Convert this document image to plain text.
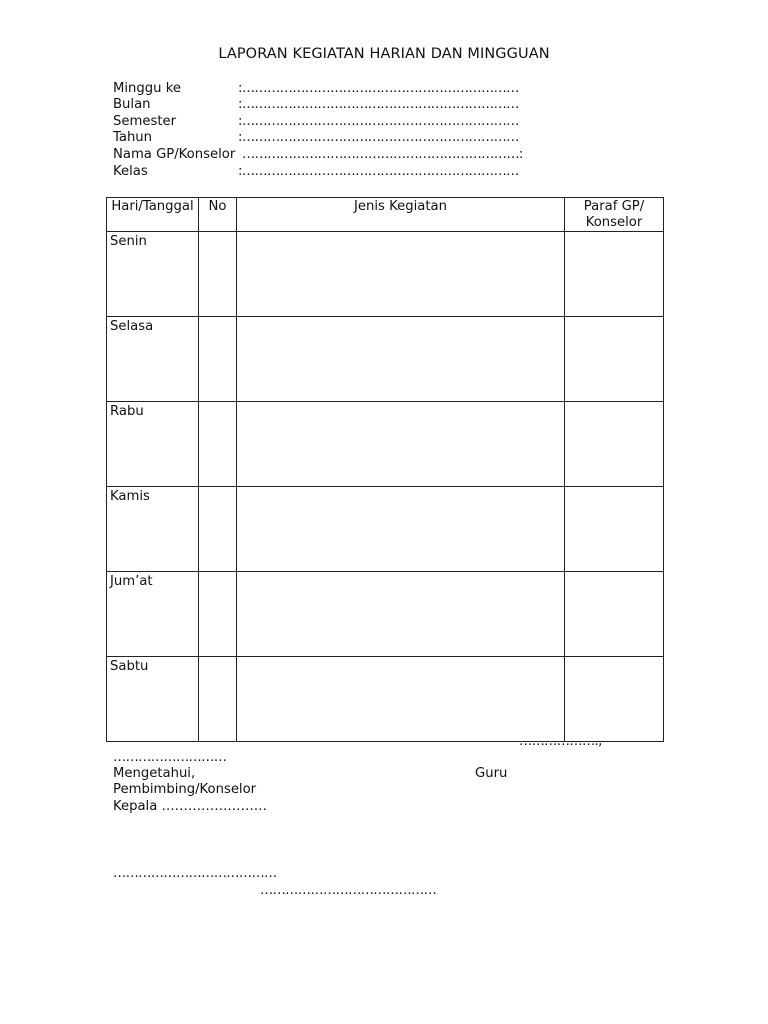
LAPORAN KEGIATAN HARIAN DAN MINGGUAN
Minggu ke	:…………………………………………………………
Bulan	:…………………………………………………………
Semester	:…………………………………………………………
Tahun	:…………………………………………………………
Nama GP/Konselor …………………………………………………………:
Kelas	:…………………………………………………………
Hari/Tanggal	No	Jenis Kegiatan	Paraf GP/ Konselor
Senin			
Selasa			
Rabu			
Kamis			
Jum’at			
Sabtu			
……………….,
………………………
Mengetahui,	Guru
Pembimbing/Konselor
Kepala ……………………
…………………………………
……………………………………
